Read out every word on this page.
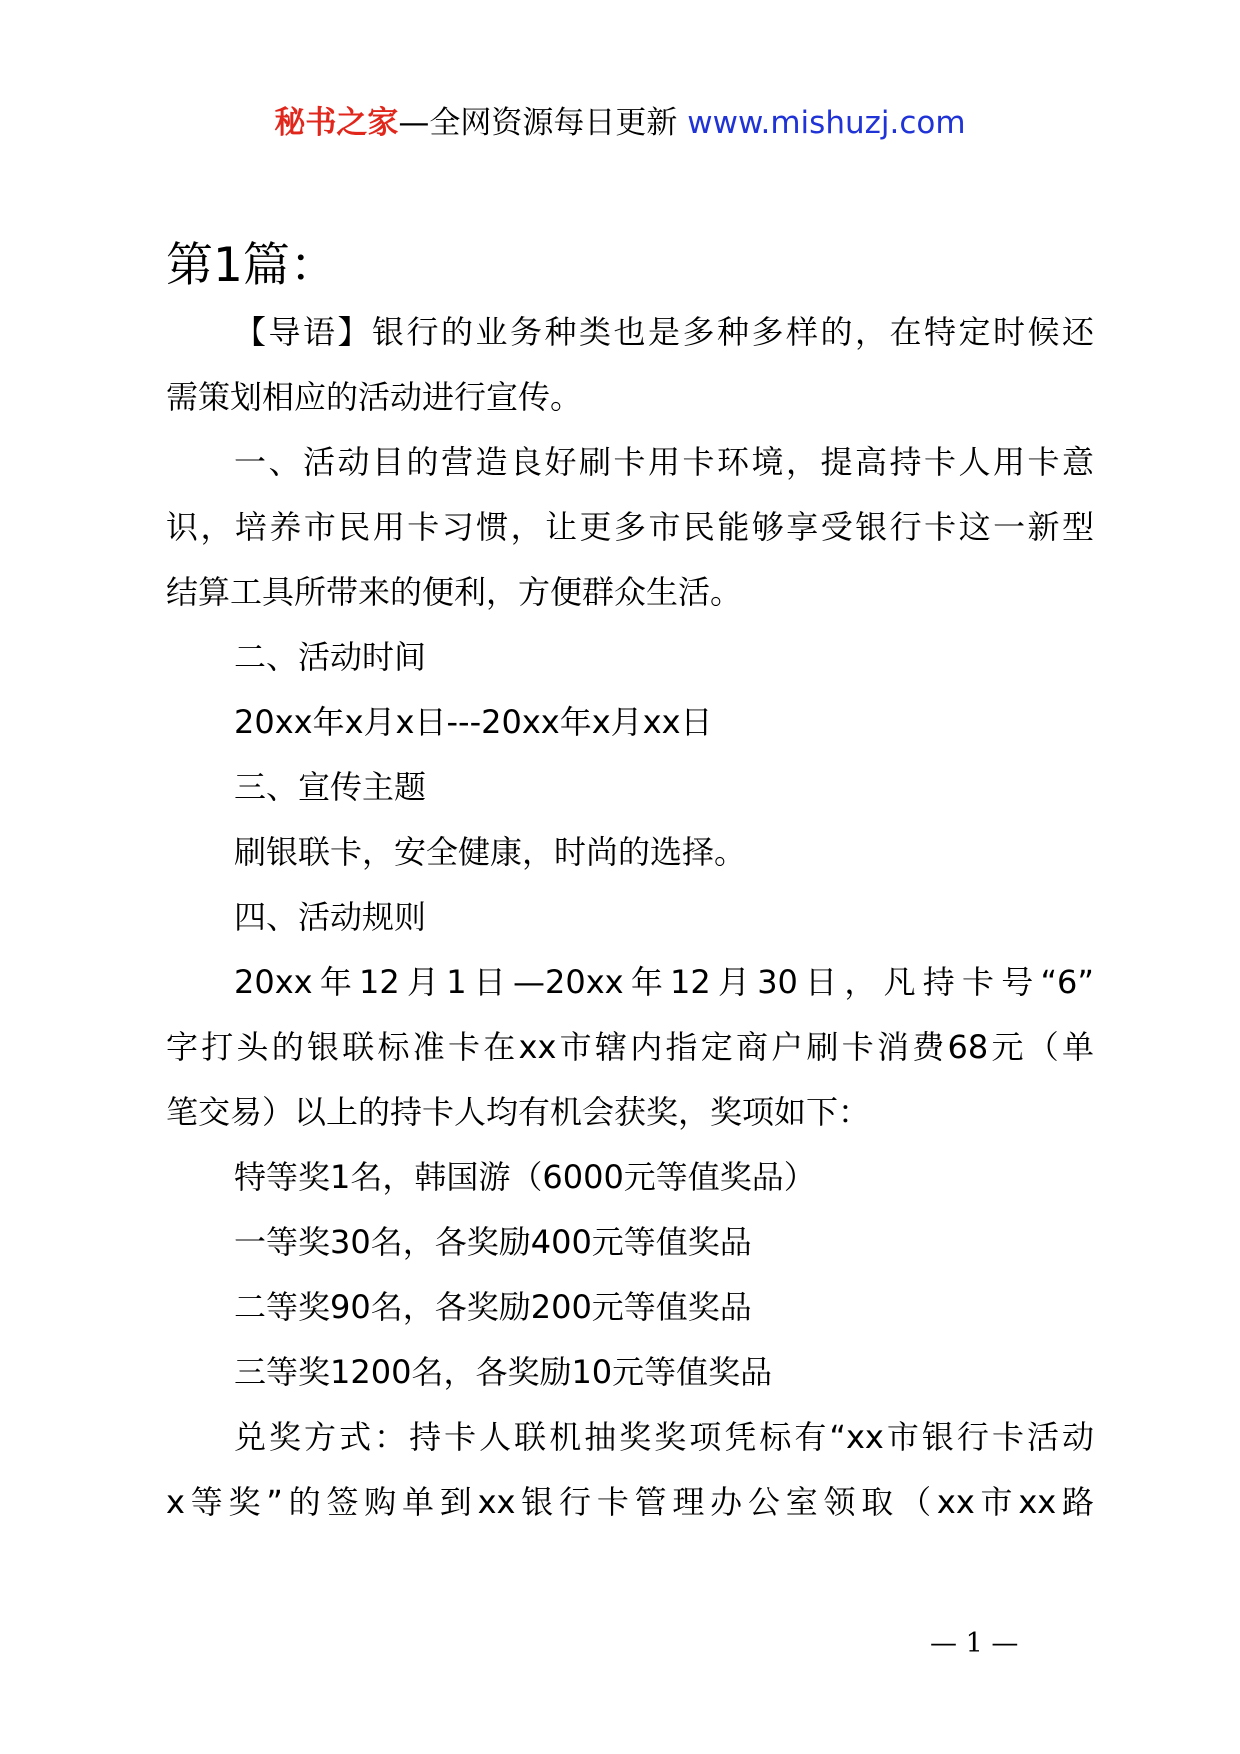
秘书之家—全网资源每日更新 www.mishuzj.com
第1篇：
【导语】银行的业务种类也是多种多样的，在特定时候还
需策划相应的活动进行宣传。
一、活动目的营造良好刷卡用卡环境，提高持卡人用卡意
识，培养市民用卡习惯，让更多市民能够享受银行卡这一新型
结算工具所带来的便利，方便群众生活。
二、活动时间
20xx年x月x日---20xx年x月xx日
三、宣传主题
刷银联卡，安全健康，时尚的选择。
四、活动规则
20xx年12月1日—20xx年12月30日，凡持卡号“6”
字打头的银联标准卡在xx市辖内指定商户刷卡消费68元（单
笔交易）以上的持卡人均有机会获奖，奖项如下：
特等奖1名，韩国游（6000元等值奖品）
一等奖30名，各奖励400元等值奖品
二等奖90名，各奖励200元等值奖品
三等奖1200名，各奖励10元等值奖品
兑奖方式：持卡人联机抽奖奖项凭标有“xx市银行卡活动
x等奖”的签购单到xx银行卡管理办公室领取（xx市xx路
— 1 —
